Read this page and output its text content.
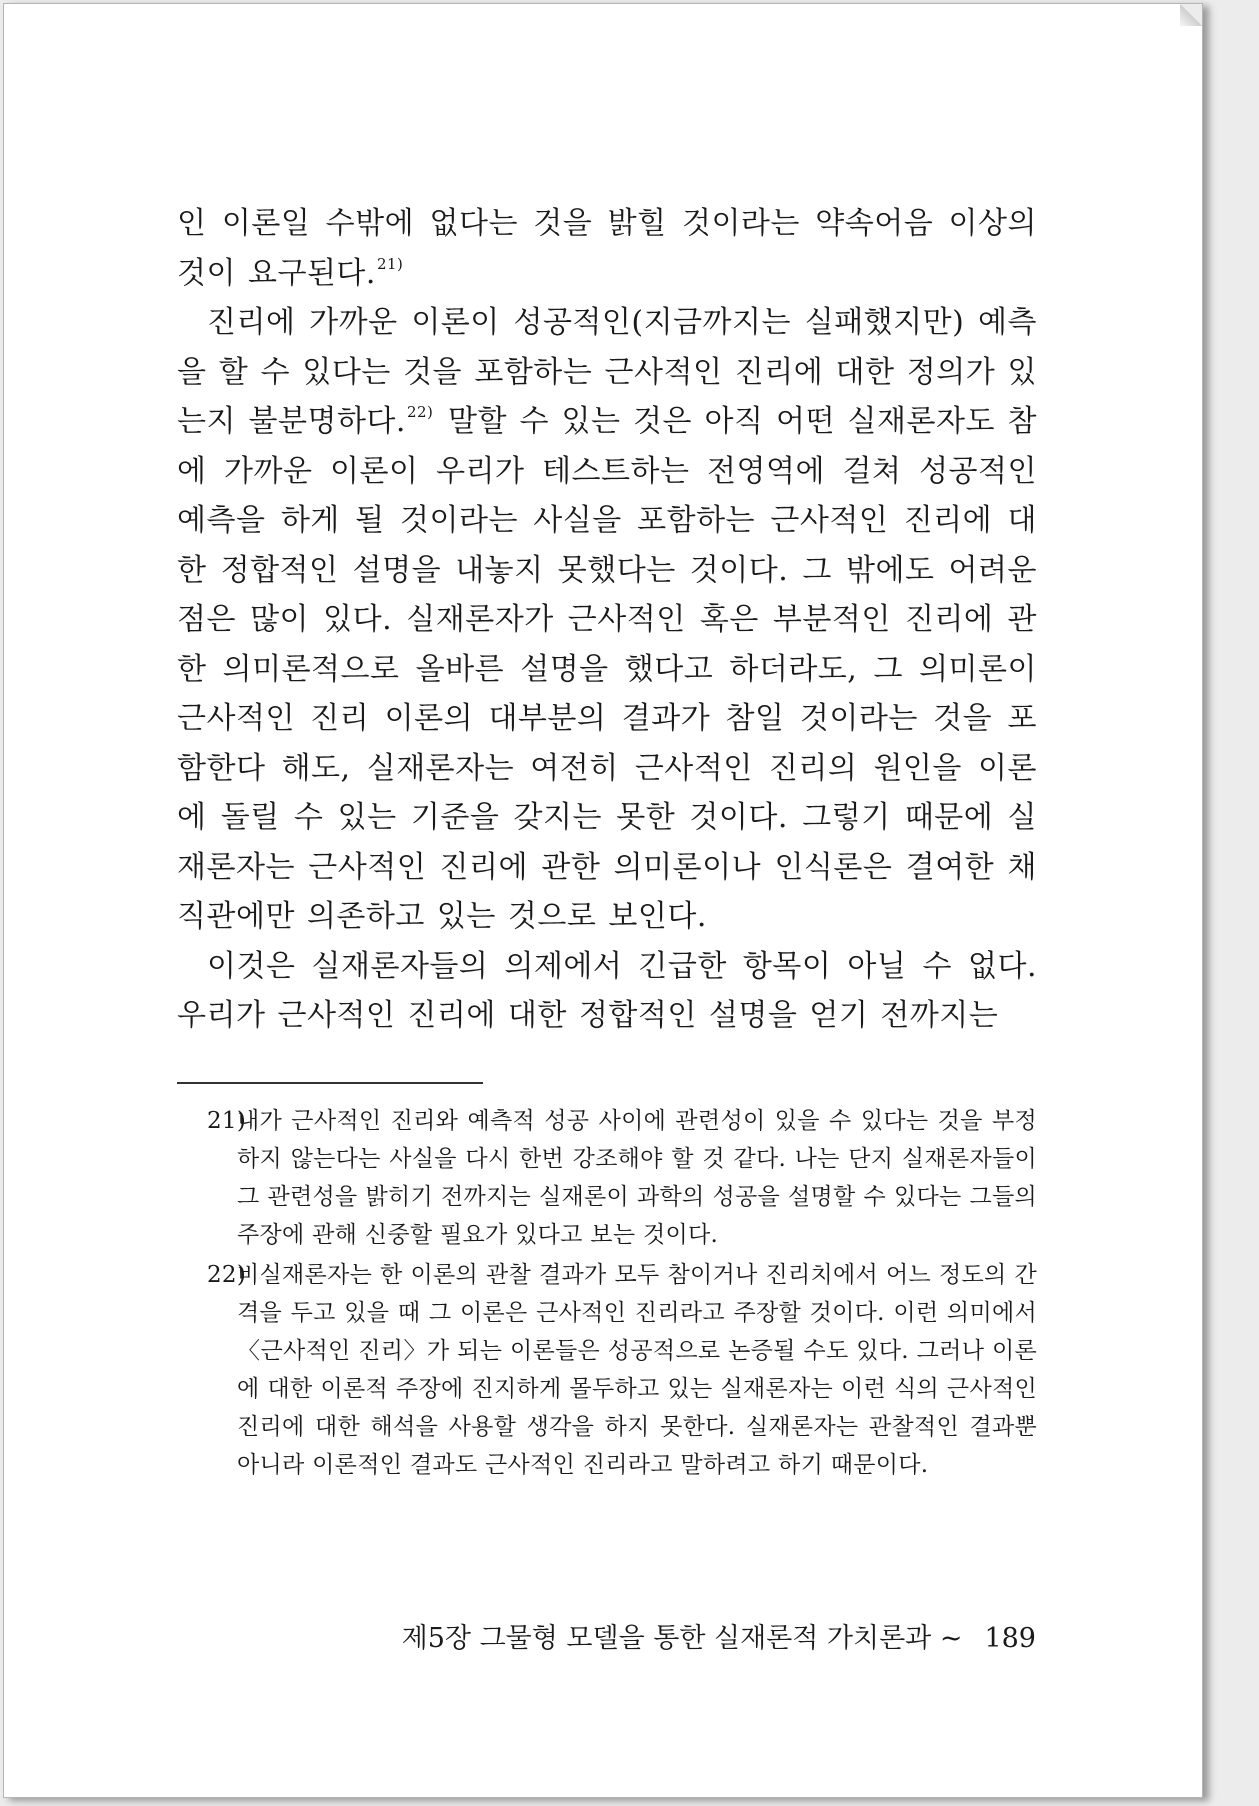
인 이론일 수밖에 없다는 것을 밝힐 것이라는 약속어음 이상의 것이 요구된다.$^{21)}$

진리에 가까운 이론이 성공적인(지금까지는 실패했지만) 예측을 할 수 있다는 것을 포함하는 근사적인 진리에 대한 정의가 있는지 불분명하다.$^{22)}$ 말할 수 있는 것은 아직 어떤 실재론자도 참에 가까운 이론이 우리가 테스트하는 전영역에 걸쳐 성공적인 예측을 하게 될 것이라는 사실을 포함하는 근사적인 진리에 대한 정합적인 설명을 내놓지 못했다는 것이다. 그 밖에도 어려운 점은 많이 있다. 실재론자가 근사적인 혹은 부분적인 진리에 관한 의미론적으로 올바른 설명을 했다고 하더라도, 그 의미론이 근사적인 진리 이론의 대부분의 결과가 참일 것이라는 것을 포함한다 해도, 실재론자는 여전히 근사적인 진리의 원인을 이론에 돌릴 수 있는 기준을 갖지는 못한 것이다. 그렇기 때문에 실재론자는 근사적인 진리에 관한 의미론이나 인식론은 결여한 채 직관에만 의존하고 있는 것으로 보인다.

이것은 실재론자들의 의제에서 긴급한 항목이 아닐 수 없다. 우리가 근사적인 진리에 대한 정합적인 설명을 얻기 전까지는

21)
내가 근사적인 진리와 예측적 성공 사이에 관련성이 있을 수 있다는 것을 부정하지 않는다는 사실을 다시 한번 강조해야 할 것 같다. 나는 단지 실재론자들이 그 관련성을 밝히기 전까지는 실재론이 과학의 성공을 설명할 수 있다는 그들의 주장에 관해 신중할 필요가 있다고 보는 것이다.
22)
비실재론자는 한 이론의 관찰 결과가 모두 참이거나 진리치에서 어느 정도의 간격을 두고 있을 때 그 이론은 근사적인 진리라고 주장할 것이다. 이런 의미에서 〈근사적인 진리〉가 되는 이론들은 성공적으로 논증될 수도 있다. 그러나 이론에 대한 이론적 주장에 진지하게 몰두하고 있는 실재론자는 이런 식의 근사적인 진리에 대한 해석을 사용할 생각을 하지 못한다. 실재론자는 관찰적인 결과뿐 아니라 이론적인 결과도 근사적인 진리라고 말하려고 하기 때문이다.
제5장 그물형 모델을 통한 실재론적 가치론과 ~ 189
